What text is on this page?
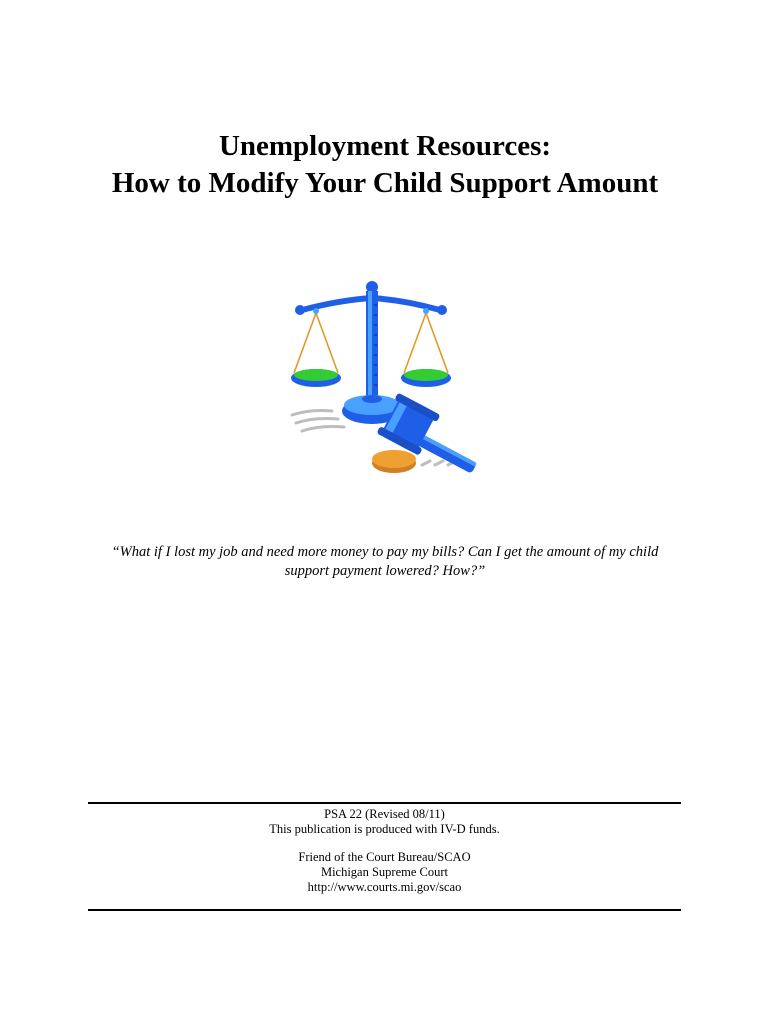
Unemployment Resources:
How to Modify Your Child Support Amount
“What if I lost my job and need more money to pay my bills? Can I get the amount of my child
support payment lowered? How?”
PSA 22 (Revised 08/11)
This publication is produced with IV-D funds.
Friend of the Court Bureau/SCAO
Michigan Supreme Court
http://www.courts.mi.gov/scao
